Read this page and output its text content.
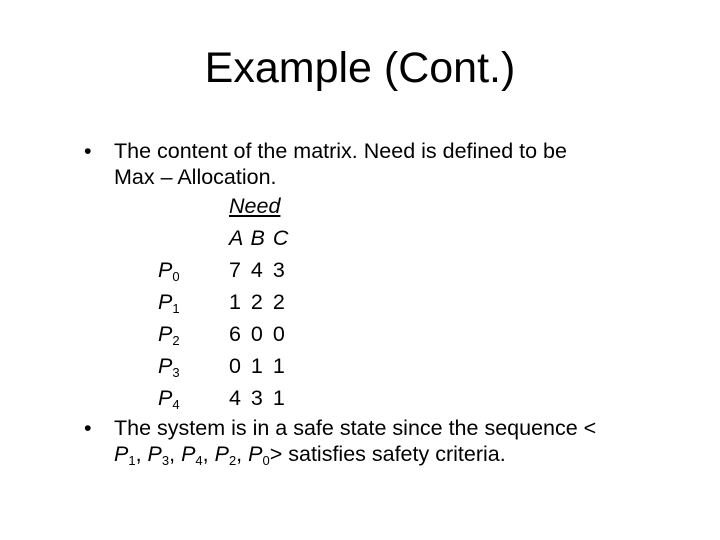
Example (Cont.)
• The content of the matrix. Need is defined to be
Max – Allocation.
Need
A B C
$P_0$ 7 4 3
$P_1$ 1 2 2
$P_2$ 6 0 0
$P_3$ 0 1 1
$P_4$ 4 3 1
• The system is in a safe state since the sequence <
$P_1$, $P_3$, $P_4$, $P_2$, $P_0>$ satisfies safety criteria.
